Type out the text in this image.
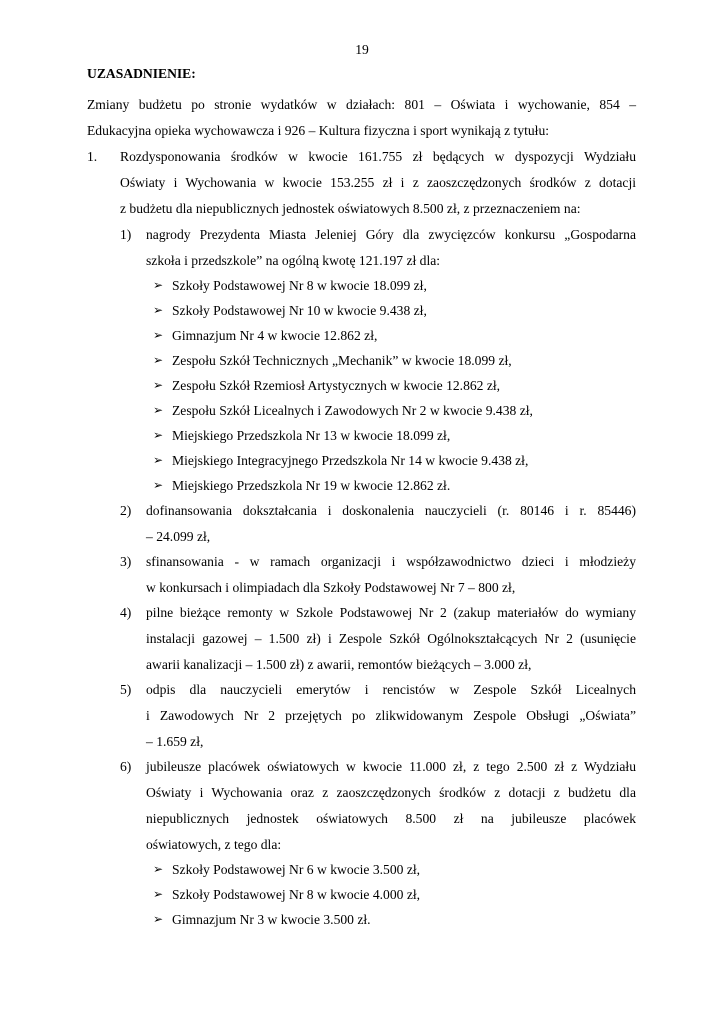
19
UZASADNIENIE:
Zmiany budżetu po stronie wydatków w działach: 801 – Oświata i wychowanie, 854 –
Edukacyjna opieka wychowawcza i 926 – Kultura fizyczna i sport wynikają z tytułu:
1. Rozdysponowania środków w kwocie 161.755 zł będących w dyspozycji Wydziału
Oświaty i Wychowania w kwocie 153.255 zł i z zaoszczędzonych środków z dotacji
z budżetu dla niepublicznych jednostek oświatowych 8.500 zł, z przeznaczeniem na:
1) nagrody Prezydenta Miasta Jeleniej Góry dla zwycięzców konkursu „Gospodarna
szkoła i przedszkole” na ogólną kwotę 121.197 zł dla:
➢ Szkoły Podstawowej Nr 8 w kwocie 18.099 zł,
➢ Szkoły Podstawowej Nr 10 w kwocie 9.438 zł,
➢ Gimnazjum Nr 4 w kwocie 12.862 zł,
➢ Zespołu Szkół Technicznych „Mechanik” w kwocie 18.099 zł,
➢ Zespołu Szkół Rzemiosł Artystycznych w kwocie 12.862 zł,
➢ Zespołu Szkół Licealnych i Zawodowych Nr 2 w kwocie 9.438 zł,
➢ Miejskiego Przedszkola Nr 13 w kwocie 18.099 zł,
➢ Miejskiego Integracyjnego Przedszkola Nr 14 w kwocie 9.438 zł,
➢ Miejskiego Przedszkola Nr 19 w kwocie 12.862 zł.
2) dofinansowania dokształcania i doskonalenia nauczycieli (r. 80146 i r. 85446)
– 24.099 zł,
3) sfinansowania - w ramach organizacji i współzawodnictwo dzieci i młodzieży
w konkursach i olimpiadach dla Szkoły Podstawowej Nr 7 – 800 zł,
4) pilne bieżące remonty w Szkole Podstawowej Nr 2 (zakup materiałów do wymiany
instalacji gazowej – 1.500 zł) i Zespole Szkół Ogólnokształcących Nr 2 (usunięcie
awarii kanalizacji – 1.500 zł) z awarii, remontów bieżących – 3.000 zł,
5) odpis dla nauczycieli emerytów i rencistów w Zespole Szkół Licealnych
i Zawodowych Nr 2 przejętych po zlikwidowanym Zespole Obsługi „Oświata”
– 1.659 zł,
6) jubileusze placówek oświatowych w kwocie 11.000 zł, z tego 2.500 zł z Wydziału
Oświaty i Wychowania oraz z zaoszczędzonych środków z dotacji z budżetu dla
niepublicznych jednostek oświatowych 8.500 zł na jubileusze placówek
oświatowych, z tego dla:
➢ Szkoły Podstawowej Nr 6 w kwocie 3.500 zł,
➢ Szkoły Podstawowej Nr 8 w kwocie 4.000 zł,
➢ Gimnazjum Nr 3 w kwocie 3.500 zł.
